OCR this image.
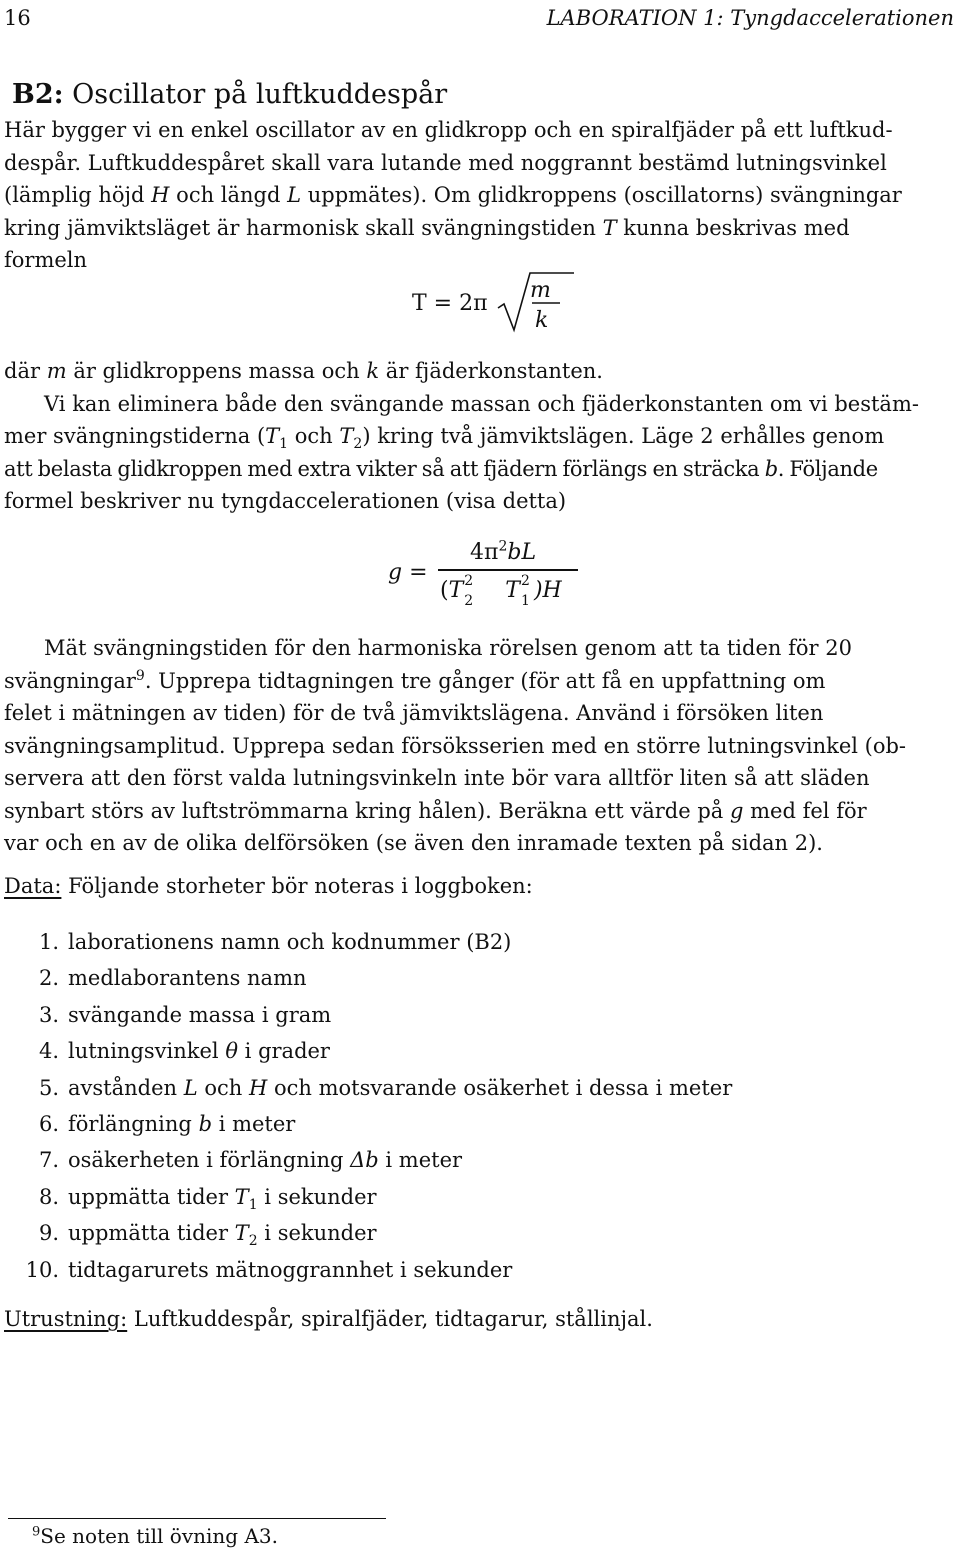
16	LABORATION 1: Tyngdaccelerationen
B2: Oscillator på luftkuddespår
Här bygger vi en enkel oscillator av en glidkropp och en spiralfjäder på ett luftkud-
despår. Luftkuddespåret skall vara lutande med noggrannt bestämd lutningsvinkel
(lämplig höjd H och längd L uppmätes). Om glidkroppens (oscillatorns) svängningar
kring jämviktsläget är harmonisk skall svängningstiden T kunna beskrivas med
formeln
T = 2π
m
k
där m är glidkroppens massa och k är fjäderkonstanten.
Vi kan eliminera både den svängande massan och fjäderkonstanten om vi bestäm-
mer svängningstiderna ($T_1$ och $T_2$) kring två jämviktslägen. Läge 2 erhålles genom
att belasta glidkroppen med extra vikter så att fjädern förlängs en sträcka b. Följande
formel beskriver nu tyngdaccelerationen (visa detta)
g =
$4\pi^2bL$
(T 2
2 T 2
1 )H
Mät svängningstiden för den harmoniska rörelsen genom att ta tiden för 20
svängningar$^9$. Upprepa tidtagningen tre gånger (för att få en uppfattning om
felet i mätningen av tiden) för de två jämviktslägena. Använd i försöken liten
svängningsamplitud. Upprepa sedan försöksserien med en större lutningsvinkel (ob-
servera att den först valda lutningsvinkeln inte bör vara alltför liten så att släden
synbart störs av luftströmmarna kring hålen). Beräkna ett värde på g med fel för
var och en av de olika delförsöken (se även den inramade texten på sidan 2).
Data: Följande storheter bör noteras i loggboken:
1. laborationens namn och kodnummer (B2)
2. medlaborantens namn
3. svängande massa i gram
4. lutningsvinkel θ i grader
5. avstånden L och H och motsvarande osäkerhet i dessa i meter
6. förlängning b i meter
7. osäkerheten i förlängning Δb i meter
8. uppmätta tider $T_1$ i sekunder
9. uppmätta tider $T_2$ i sekunder
10. tidtagarurets mätnoggrannhet i sekunder
Utrustning: Luftkuddespår, spiralfjäder, tidtagarur, stållinjal.
$^9$Se noten till övning A3.
